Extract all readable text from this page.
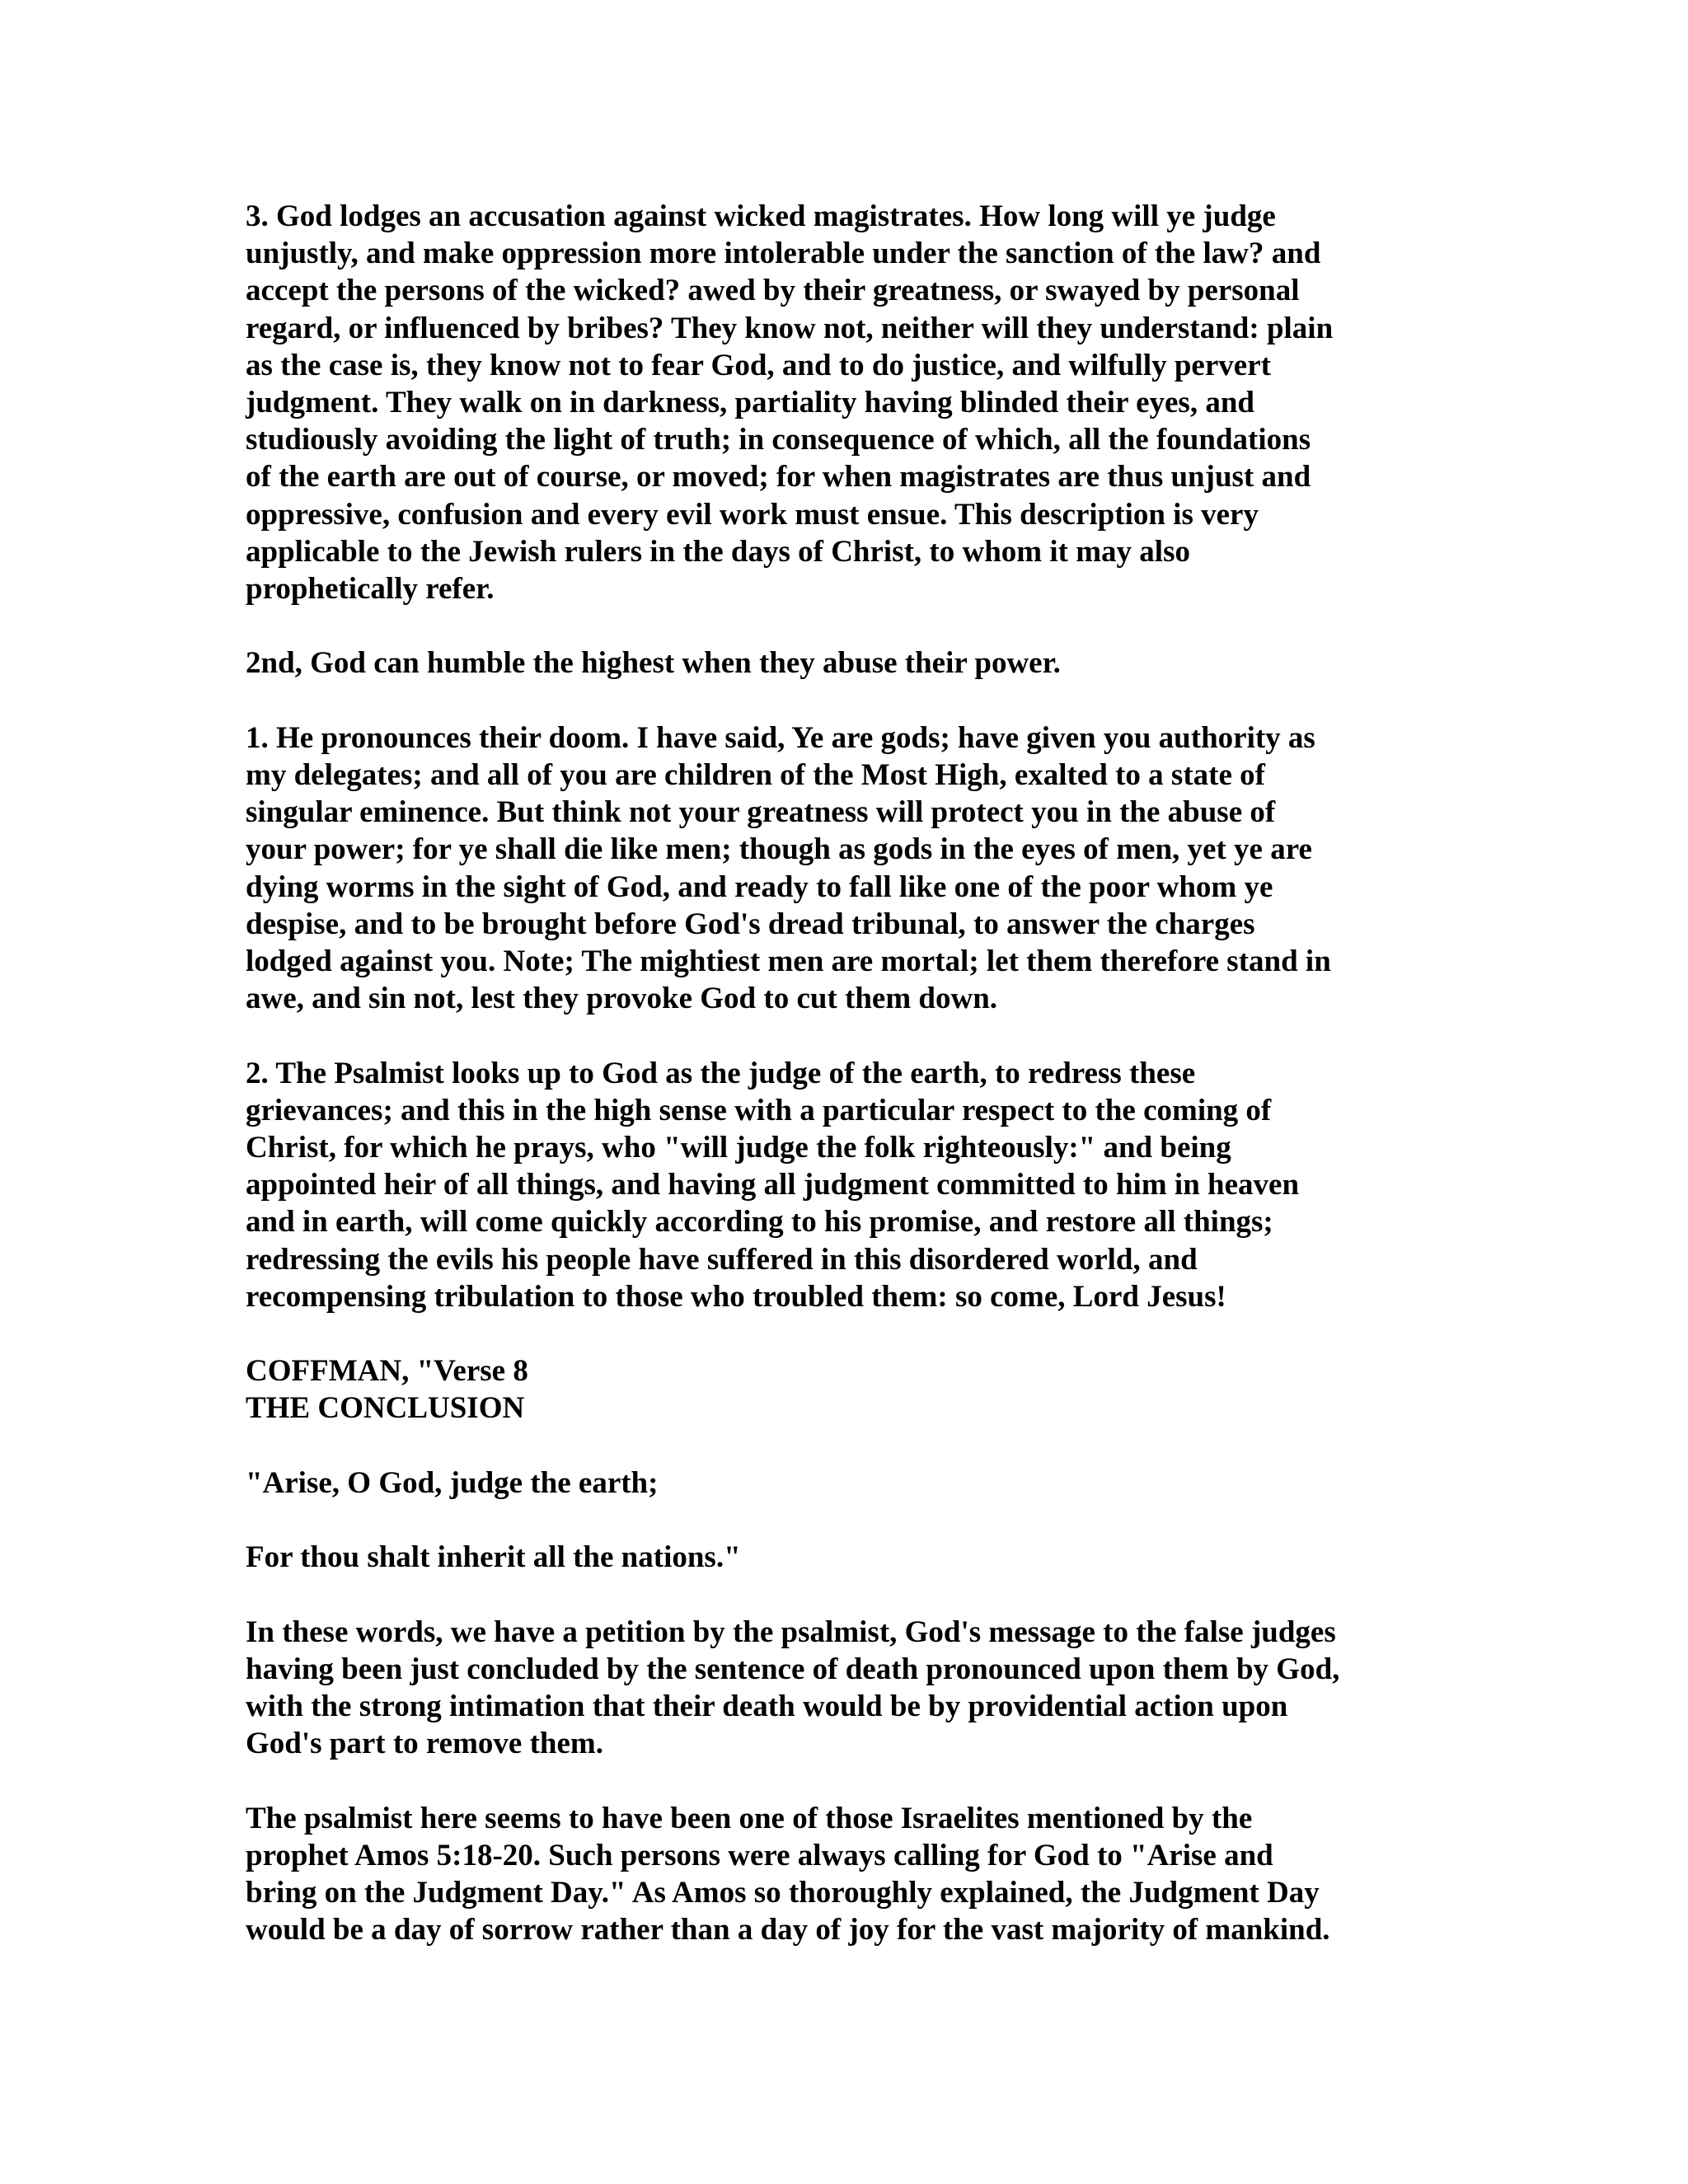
3. God lodges an accusation against wicked magistrates. How long will ye judge
unjustly, and make oppression more intolerable under the sanction of the law? and
accept the persons of the wicked? awed by their greatness, or swayed by personal
regard, or influenced by bribes? They know not, neither will they understand: plain
as the case is, they know not to fear God, and to do justice, and wilfully pervert
judgment. They walk on in darkness, partiality having blinded their eyes, and
studiously avoiding the light of truth; in consequence of which, all the foundations
of the earth are out of course, or moved; for when magistrates are thus unjust and
oppressive, confusion and every evil work must ensue. This description is very
applicable to the Jewish rulers in the days of Christ, to whom it may also
prophetically refer.

2nd, God can humble the highest when they abuse their power.

1. He pronounces their doom. I have said, Ye are gods; have given you authority as
my delegates; and all of you are children of the Most High, exalted to a state of
singular eminence. But think not your greatness will protect you in the abuse of
your power; for ye shall die like men; though as gods in the eyes of men, yet ye are
dying worms in the sight of God, and ready to fall like one of the poor whom ye
despise, and to be brought before God's dread tribunal, to answer the charges
lodged against you. Note; The mightiest men are mortal; let them therefore stand in
awe, and sin not, lest they provoke God to cut them down.

2. The Psalmist looks up to God as the judge of the earth, to redress these
grievances; and this in the high sense with a particular respect to the coming of
Christ, for which he prays, who "will judge the folk righteously:" and being
appointed heir of all things, and having all judgment committed to him in heaven
and in earth, will come quickly according to his promise, and restore all things;
redressing the evils his people have suffered in this disordered world, and
recompensing tribulation to those who troubled them: so come, Lord Jesus!

COFFMAN, "Verse 8
THE CONCLUSION

"Arise, O God, judge the earth;

For thou shalt inherit all the nations."

In these words, we have a petition by the psalmist, God's message to the false judges
having been just concluded by the sentence of death pronounced upon them by God,
with the strong intimation that their death would be by providential action upon
God's part to remove them.

The psalmist here seems to have been one of those Israelites mentioned by the
prophet Amos 5:18-20. Such persons were always calling for God to "Arise and
bring on the Judgment Day." As Amos so thoroughly explained, the Judgment Day
would be a day of sorrow rather than a day of joy for the vast majority of mankind.
